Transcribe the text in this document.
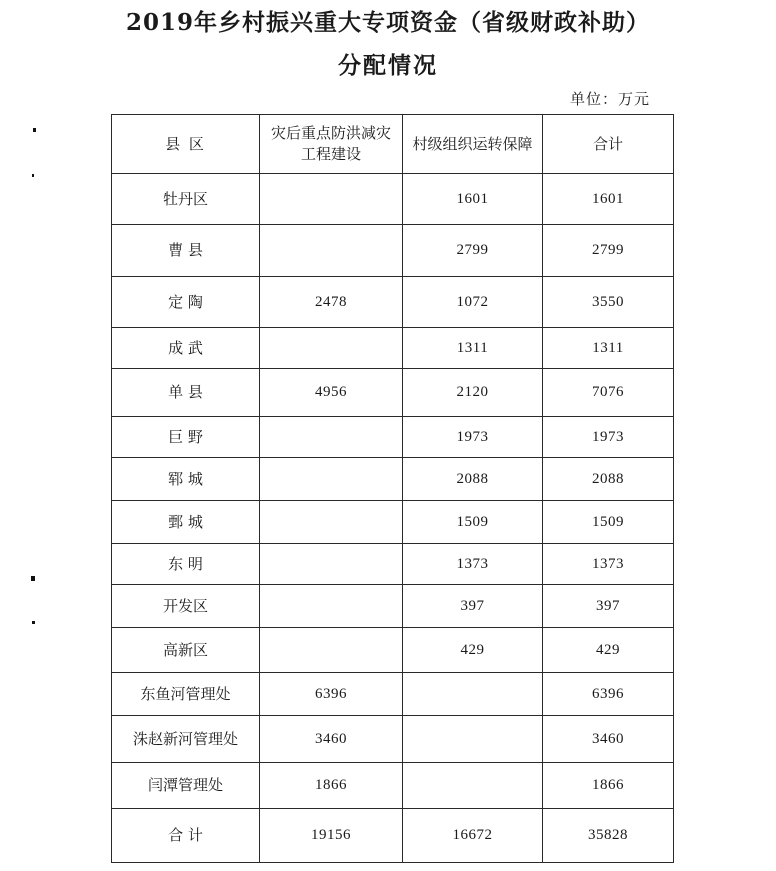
2019年乡村振兴重大专项资金（省级财政补助）
分配情况
单位：万元
县 区	灾后重点防洪减灾工程建设	村级组织运转保障	合计
牡丹区		1601	1601
曹 县		2799	2799
定 陶	2478	1072	3550
成 武		1311	1311
单 县	4956	2120	7076
巨 野		1973	1973
郓 城		2088	2088
鄄 城		1509	1509
东 明		1373	1373
开发区		397	397
高新区		429	429
东鱼河管理处	6396		6396
洙赵新河管理处	3460		3460
闫潭管理处	1866		1866
合 计	19156	16672	35828
